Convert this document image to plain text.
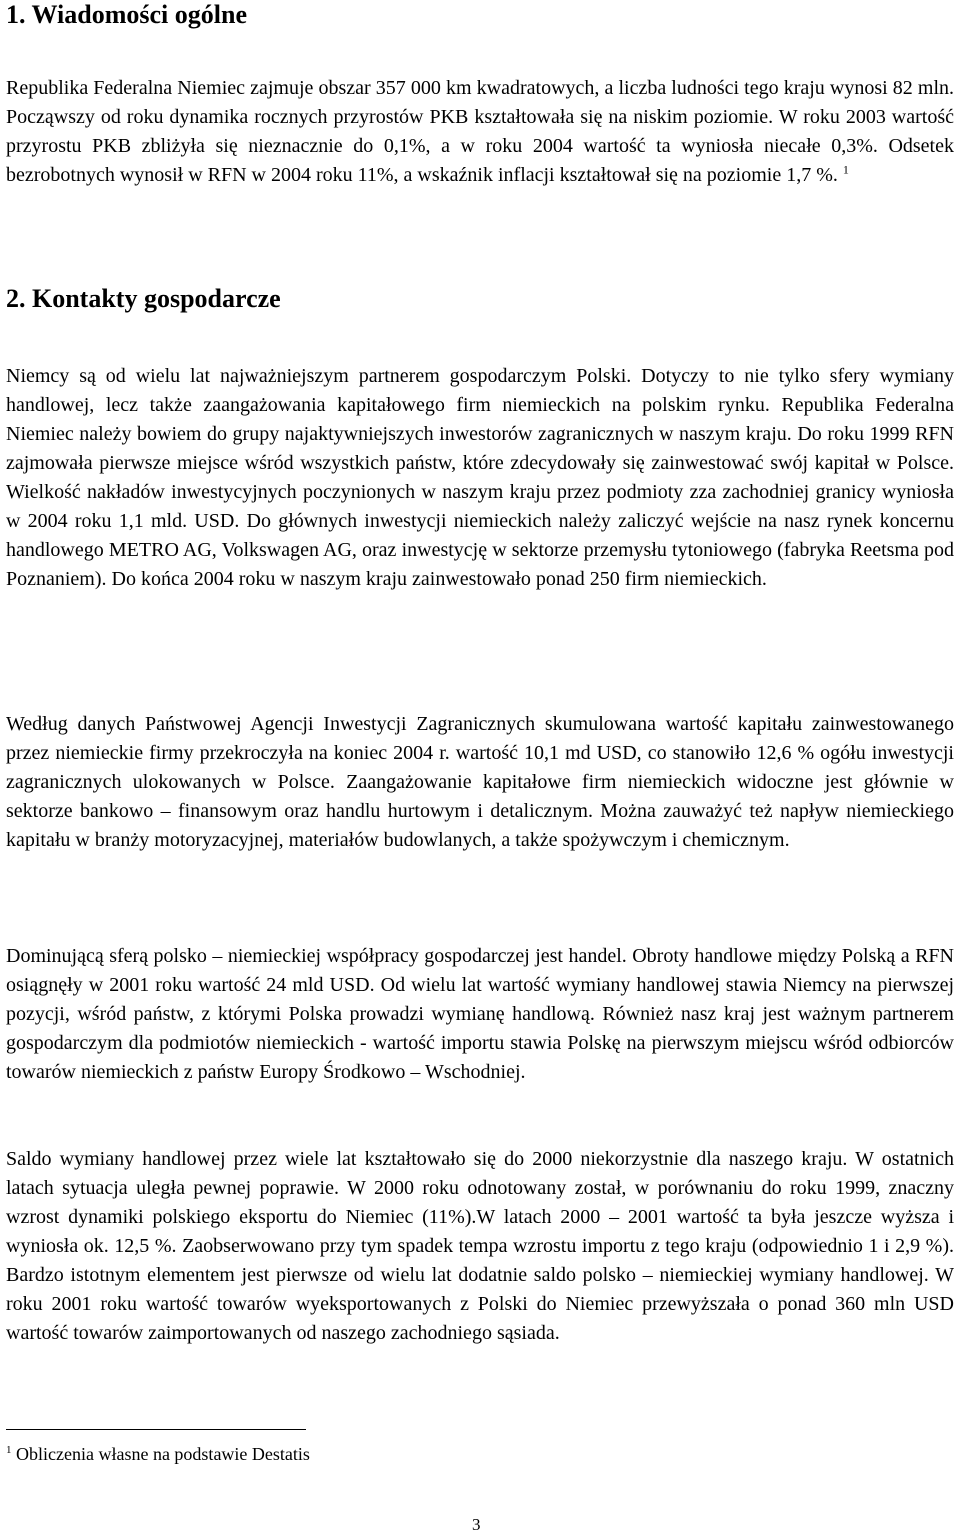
1. Wiadomości ogólne

Republika Federalna Niemiec zajmuje obszar 357 000 km kwadratowych, a liczba ludności tego kraju wynosi 82 mln. Począwszy od roku dynamika rocznych przyrostów PKB kształtowała się na niskim poziomie. W roku 2003 wartość przyrostu PKB zbliżyła się nieznacznie do 0,1%, a w roku 2004 wartość ta wyniosła niecałe 0,3%. Odsetek bezrobotnych wynosił w RFN w 2004 roku 11%, a wskaźnik inflacji kształtował się na poziomie 1,7 %. $^1$

2. Kontakty gospodarcze

Niemcy są od wielu lat najważniejszym partnerem gospodarczym Polski. Dotyczy to nie tylko sfery wymiany handlowej, lecz także zaangażowania kapitałowego firm niemieckich na polskim rynku. Republika Federalna Niemiec należy bowiem do grupy najaktywniejszych inwestorów zagranicznych w naszym kraju. Do roku 1999 RFN zajmowała pierwsze miejsce wśród wszystkich państw, które zdecydowały się zainwestować swój kapitał w Polsce. Wielkość nakładów inwestycyjnych poczynionych w naszym kraju przez podmioty zza zachodniej granicy wyniosła w 2004 roku 1,1 mld. USD. Do głównych inwestycji niemieckich należy zaliczyć wejście na nasz rynek koncernu handlowego METRO AG, Volkswagen AG, oraz inwestycję w sektorze przemysłu tytoniowego (fabryka Reetsma pod Poznaniem). Do końca 2004 roku w naszym kraju zainwestowało ponad 250 firm niemieckich.

Według danych Państwowej Agencji Inwestycji Zagranicznych skumulowana wartość kapitału zainwestowanego przez niemieckie firmy przekroczyła na koniec 2004 r. wartość 10,1 md USD, co stanowiło 12,6 % ogółu inwestycji zagranicznych ulokowanych w Polsce. Zaangażowanie kapitałowe firm niemieckich widoczne jest głównie w sektorze bankowo – finansowym oraz handlu hurtowym i detalicznym. Można zauważyć też napływ niemieckiego kapitału w branży motoryzacyjnej, materiałów budowlanych, a także spożywczym i chemicznym.

Dominującą sferą polsko – niemieckiej współpracy gospodarczej jest handel. Obroty handlowe między Polską a RFN osiągnęły w 2001 roku wartość 24 mld USD. Od wielu lat wartość wymiany handlowej stawia Niemcy na pierwszej pozycji, wśród państw, z którymi Polska prowadzi wymianę handlową. Również nasz kraj jest ważnym partnerem gospodarczym dla podmiotów niemieckich - wartość importu stawia Polskę na pierwszym miejscu wśród odbiorców towarów niemieckich z państw Europy Środkowo – Wschodniej.

Saldo wymiany handlowej przez wiele lat kształtowało się do 2000 niekorzystnie dla naszego kraju. W ostatnich latach sytuacja uległa pewnej poprawie. W 2000 roku odnotowany został, w porównaniu do roku 1999, znaczny wzrost dynamiki polskiego eksportu do Niemiec (11%).W latach 2000 – 2001 wartość ta była jeszcze wyższa i wyniosła ok. 12,5 %. Zaobserwowano przy tym spadek tempa wzrostu importu z tego kraju (odpowiednio 1 i 2,9 %). Bardzo istotnym elementem jest pierwsze od wielu lat dodatnie saldo polsko – niemieckiej wymiany handlowej. W roku 2001 roku wartość towarów wyeksportowanych z Polski do Niemiec przewyższała o ponad 360 mln USD wartość towarów zaimportowanych od naszego zachodniego sąsiada.

$^1$ Obliczenia własne na podstawie Destatis

3
